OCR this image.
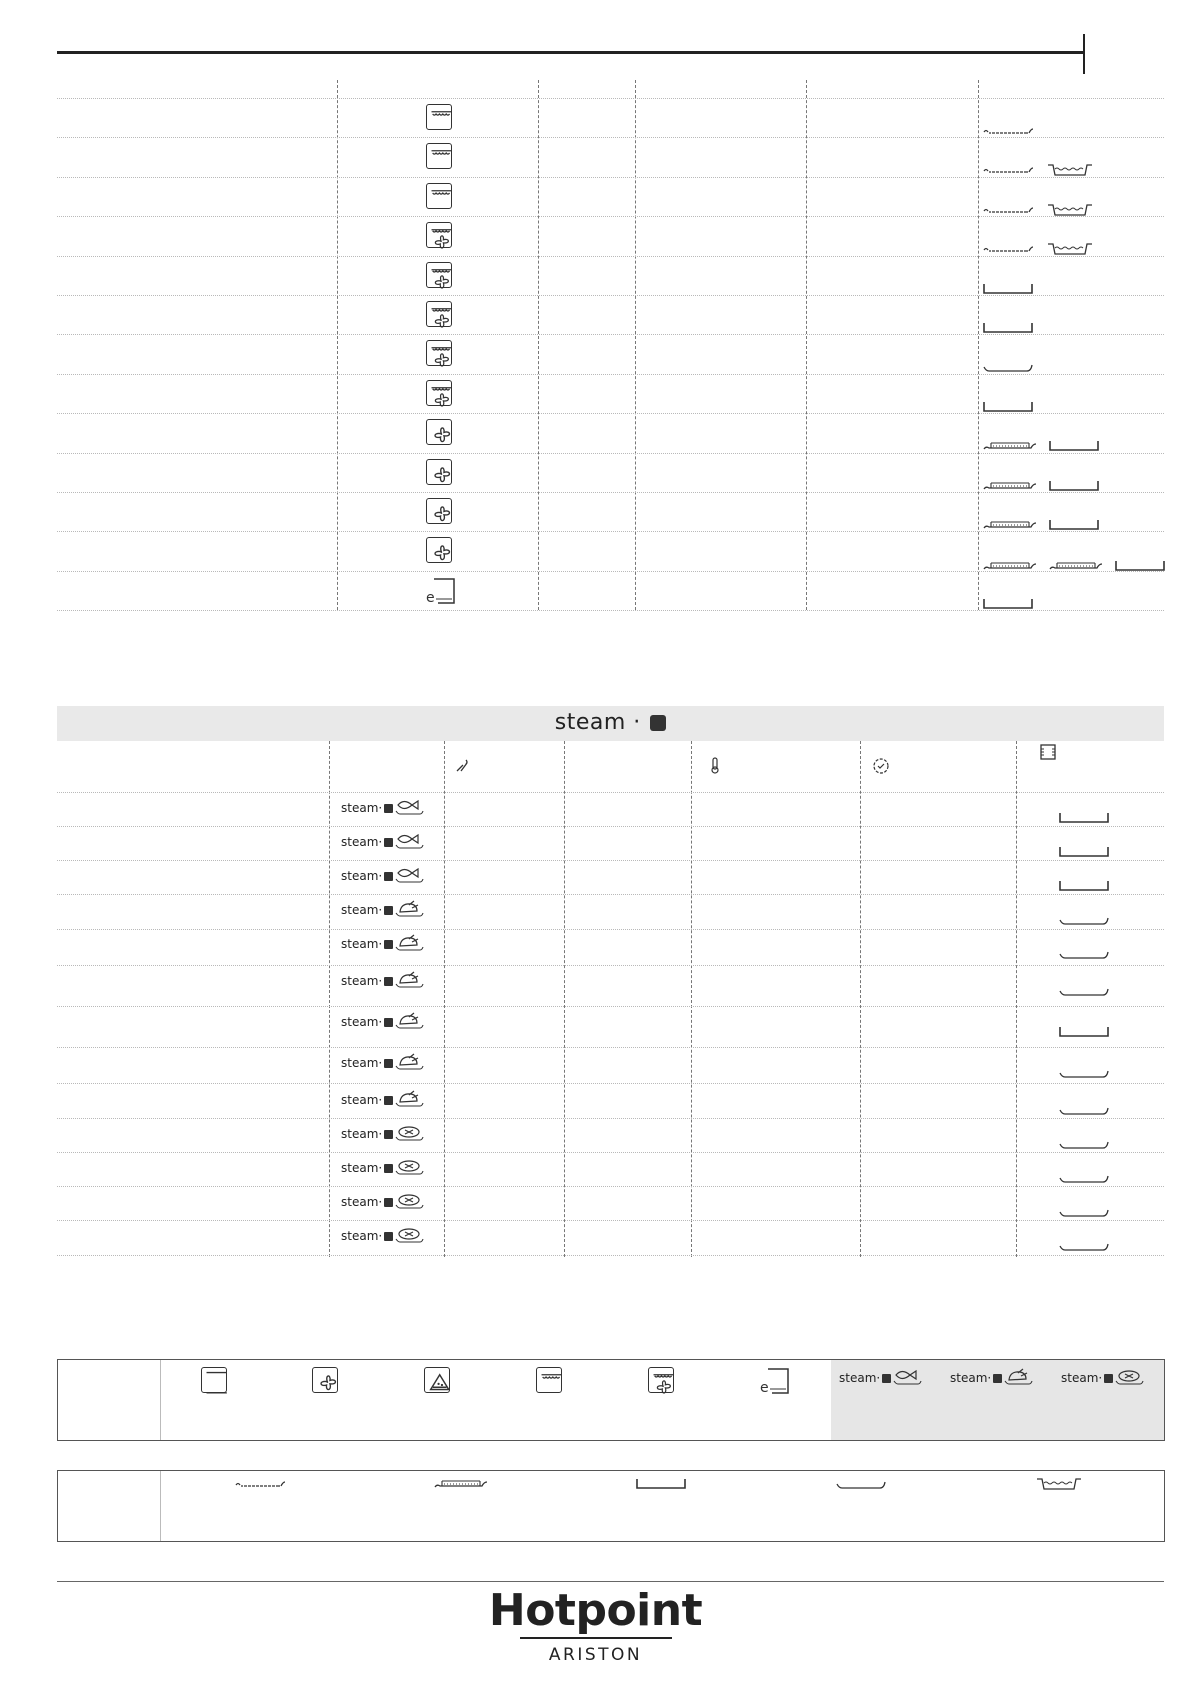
e
steam ·
steam·
steam·
steam·
steam·
steam·
steam·
steam·
steam·
steam·
steam·
steam·
steam·
steam·
e
steam·	steam·	steam·
Hotpoint
ARISTON
